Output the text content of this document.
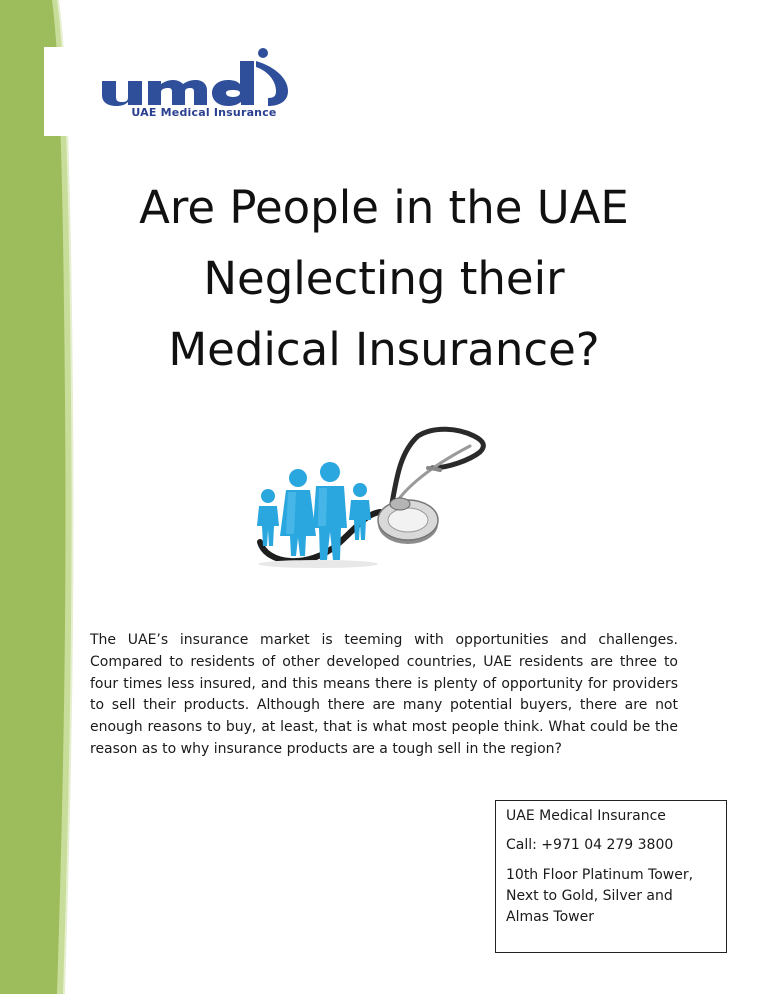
UAE Medical Insurance
Are People in the UAE
Neglecting their
Medical Insurance?

The UAE’s insurance market is teeming with opportunities and challenges. Compared to residents of other developed countries, UAE residents are three to four times less insured, and this means there is plenty of opportunity for providers to sell their products. Although there are many potential buyers, there are not enough reasons to buy, at least, that is what most people think. What could be the reason as to why insurance products are a tough sell in the region?

UAE Medical Insurance

Call: +971 04 279 3800

10th Floor Platinum Tower, Next to Gold, Silver and Almas Tower
